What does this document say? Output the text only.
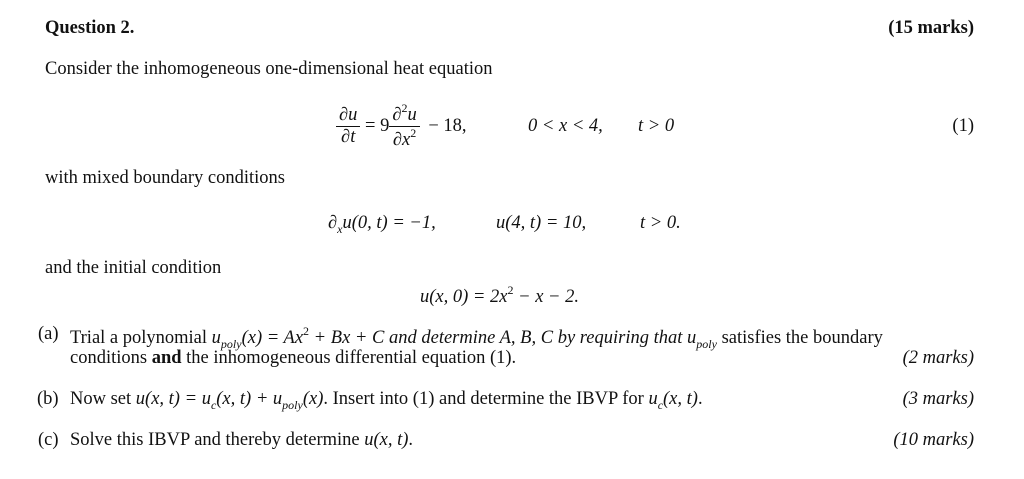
Question 2.	(15 marks)
Consider the inhomogeneous one-dimensional heat equation
$\frac{\partial u}{\partial t} = 9 \frac{\partial^2u}{\partial x^2} - 18$,	0 < x < 4, t > 0	(1)
with mixed boundary conditions
$\partial_xu(0$, t) = −1,	u(4, t) = 10,	t > 0.
and the initial condition
u(x, $0) = 2x^2 - x - 2$.
(a) Trial a polynomial $u_{poly}(x) = Ax^2 + Bx + C$ and determine A, B, C by requiring that $u_{poly}$ satisfies the boundary
conditions and the inhomogeneous differential equation (1).	(2 marks)
(b) Now set u(x, $t) = u_c(x$, $t) + u_{poly}(x)$. Insert into (1) and determine the IBVP for $u_c(x$, t).	(3 marks)
(c) Solve this IBVP and thereby determine u(x, t).	(10 marks)
